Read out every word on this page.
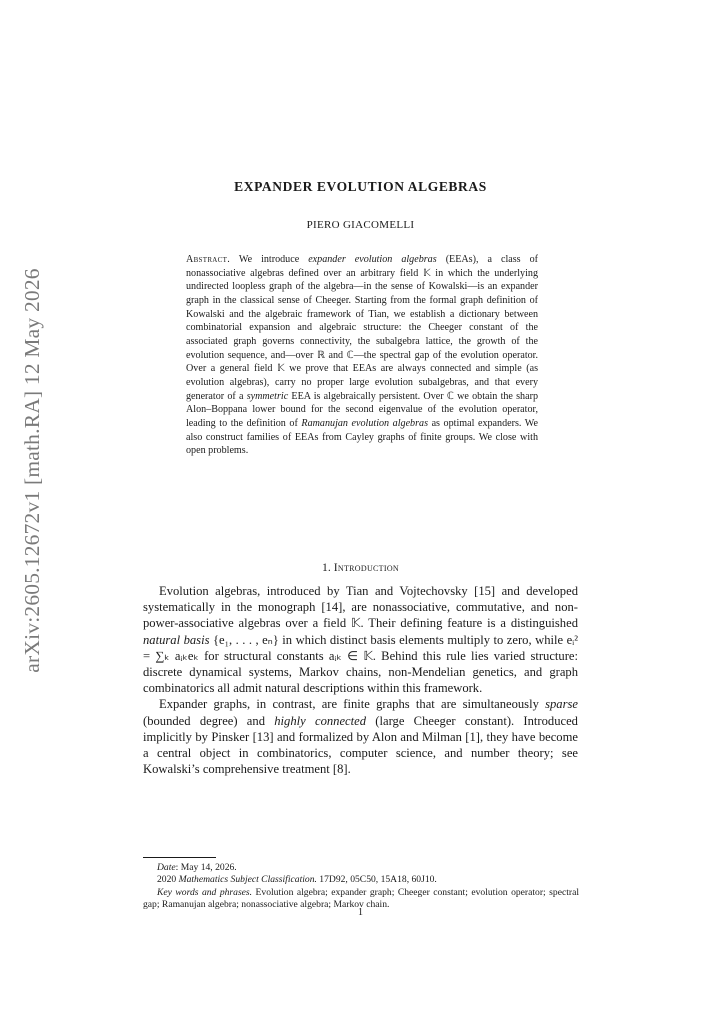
arXiv:2605.12672v1 [math.RA] 12 May 2026
EXPANDER EVOLUTION ALGEBRAS
PIERO GIACOMELLI
Abstract. We introduce expander evolution algebras (EEAs), a class of nonassociative algebras defined over an arbitrary field 𝕂 in which the underlying undirected loopless graph of the algebra—in the sense of Kowalski—is an expander graph in the classical sense of Cheeger. Starting from the formal graph definition of Kowalski and the algebraic framework of Tian, we establish a dictionary between combinatorial expansion and algebraic structure: the Cheeger constant of the associated graph governs connectivity, the subalgebra lattice, the growth of the evolution sequence, and—over ℝ and ℂ—the spectral gap of the evolution operator. Over a general field 𝕂 we prove that EEAs are always connected and simple (as evolution algebras), carry no proper large evolution subalgebras, and that every generator of a symmetric EEA is algebraically persistent. Over ℂ we obtain the sharp Alon–Boppana lower bound for the second eigenvalue of the evolution operator, leading to the definition of Ramanujan evolution algebras as optimal expanders. We also construct families of EEAs from Cayley graphs of finite groups. We close with open problems.
1. Introduction

Evolution algebras, introduced by Tian and Vojtechovsky [15] and developed systematically in the monograph [14], are nonassociative, commutative, and non-power-associative algebras over a field 𝕂. Their defining feature is a distinguished natural basis {e₁, . . . , eₙ} in which distinct basis elements multiply to zero, while eᵢ² = ∑ₖ aᵢₖeₖ for structural constants aᵢₖ ∈ 𝕂. Behind this rule lies varied structure: discrete dynamical systems, Markov chains, non-Mendelian genetics, and graph combinatorics all admit natural descriptions within this framework.

Expander graphs, in contrast, are finite graphs that are simultaneously sparse (bounded degree) and highly connected (large Cheeger constant). Introduced implicitly by Pinsker [13] and formalized by Alon and Milman [1], they have become a central object in combinatorics, computer science, and number theory; see Kowalski’s comprehensive treatment [8].

Date: May 14, 2026.

2020 Mathematics Subject Classification. 17D92, 05C50, 15A18, 60J10.

Key words and phrases. Evolution algebra; expander graph; Cheeger constant; evolution operator; spectral gap; Ramanujan algebra; nonassociative algebra; Markov chain.

1
